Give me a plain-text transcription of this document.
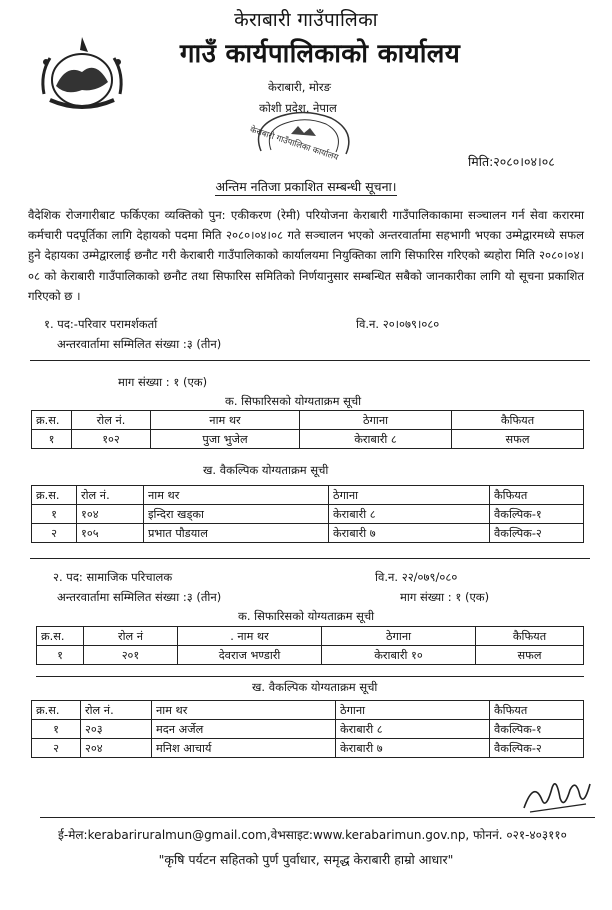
केराबारी गाउँपालिका
गाउँ कार्यपालिकाको कार्यालय
केराबारी, मोरङ
कोशी प्रदेश, नेपाल
केराबारी गाउँपालिका कार्यालय	मिति:२०८०।०४।०८
अन्तिम नतिजा प्रकाशित सम्बन्धी सूचना।
वैदेशिक रोजगारीबाट फर्किएका व्यक्तिको पुन: एकीकरण (रेमी) परियोजना केराबारी गाउँपालिकाकामा सञ्चालन गर्न सेवा करारमा कर्मचारी पदपूर्तिका लागि देहायको पदमा मिति २०८०।०४।०८ गते सञ्चालन भएको अन्तरवार्तामा सहभागी भएका उम्मेद्वारमध्ये सफल हुने देहायका उम्मेद्वारलाई छनौट गरी केराबारी गाउँपालिकाको कार्यालयमा नियुक्तिका लागि सिफारिस गरिएको ब्यहोरा मिति २०८०।०४।०८ को केराबारी गाउँपालिकाको छनौट तथा सिफारिस समितिको निर्णयानुसार सम्बन्धित सबैको जानकारीका लागि यो सूचना प्रकाशित गरिएको छ ।
१. पद:-परिवार परामर्शकर्ता	वि.न. २०।०७९।०८०
अन्तरवार्तामा सम्मिलित संख्या :३ (तीन)
माग संख्या : १ (एक)
क. सिफारिसको योग्यताक्रम सूची
क्र.स.	रोल नं.	नाम थर	ठेगाना	कैफियत
१	१०२	पुजा भुजेल	केराबारी ८	सफल
ख. वैकल्पिक योग्यताक्रम सूची
क्र.स.	रोल नं.	नाम थर	ठेगाना	कैफियत
१	१०४	इन्दिरा खड्का	केराबारी ८	वैकल्पिक-१
२	१०५	प्रभात पौडयाल	केराबारी ७	वैकल्पिक-२
२. पद: सामाजिक परिचालक	वि.न. २२/०७९/०८०
अन्तरवार्तामा सम्मिलित संख्या :३ (तीन)	माग संख्या : १ (एक)
क. सिफारिसको योग्यताक्रम सूची
क्र.स.	रोल नं	. नाम थर	ठेगाना	कैफियत
१	२०१	देवराज भण्डारी	केराबारी १०	सफल
ख. वैकल्पिक योग्यताक्रम सूची
क्र.स.	रोल नं.	नाम थर	ठेगाना	कैफियत
१	२०३	मदन अर्जेल	केराबारी ८	वैकल्पिक-१
२	२०४	मनिश आचार्य	केराबारी ७	वैकल्पिक-२
ई-मेल:kerabariruralmun@gmail.com,वेभसाइट:www.kerabarimun.gov.np, फोननं. ०२१-४०३११०
"कृषि पर्यटन सहितको पुर्ण पुर्वाधार, समृद्ध केराबारी हाम्रो आधार"
